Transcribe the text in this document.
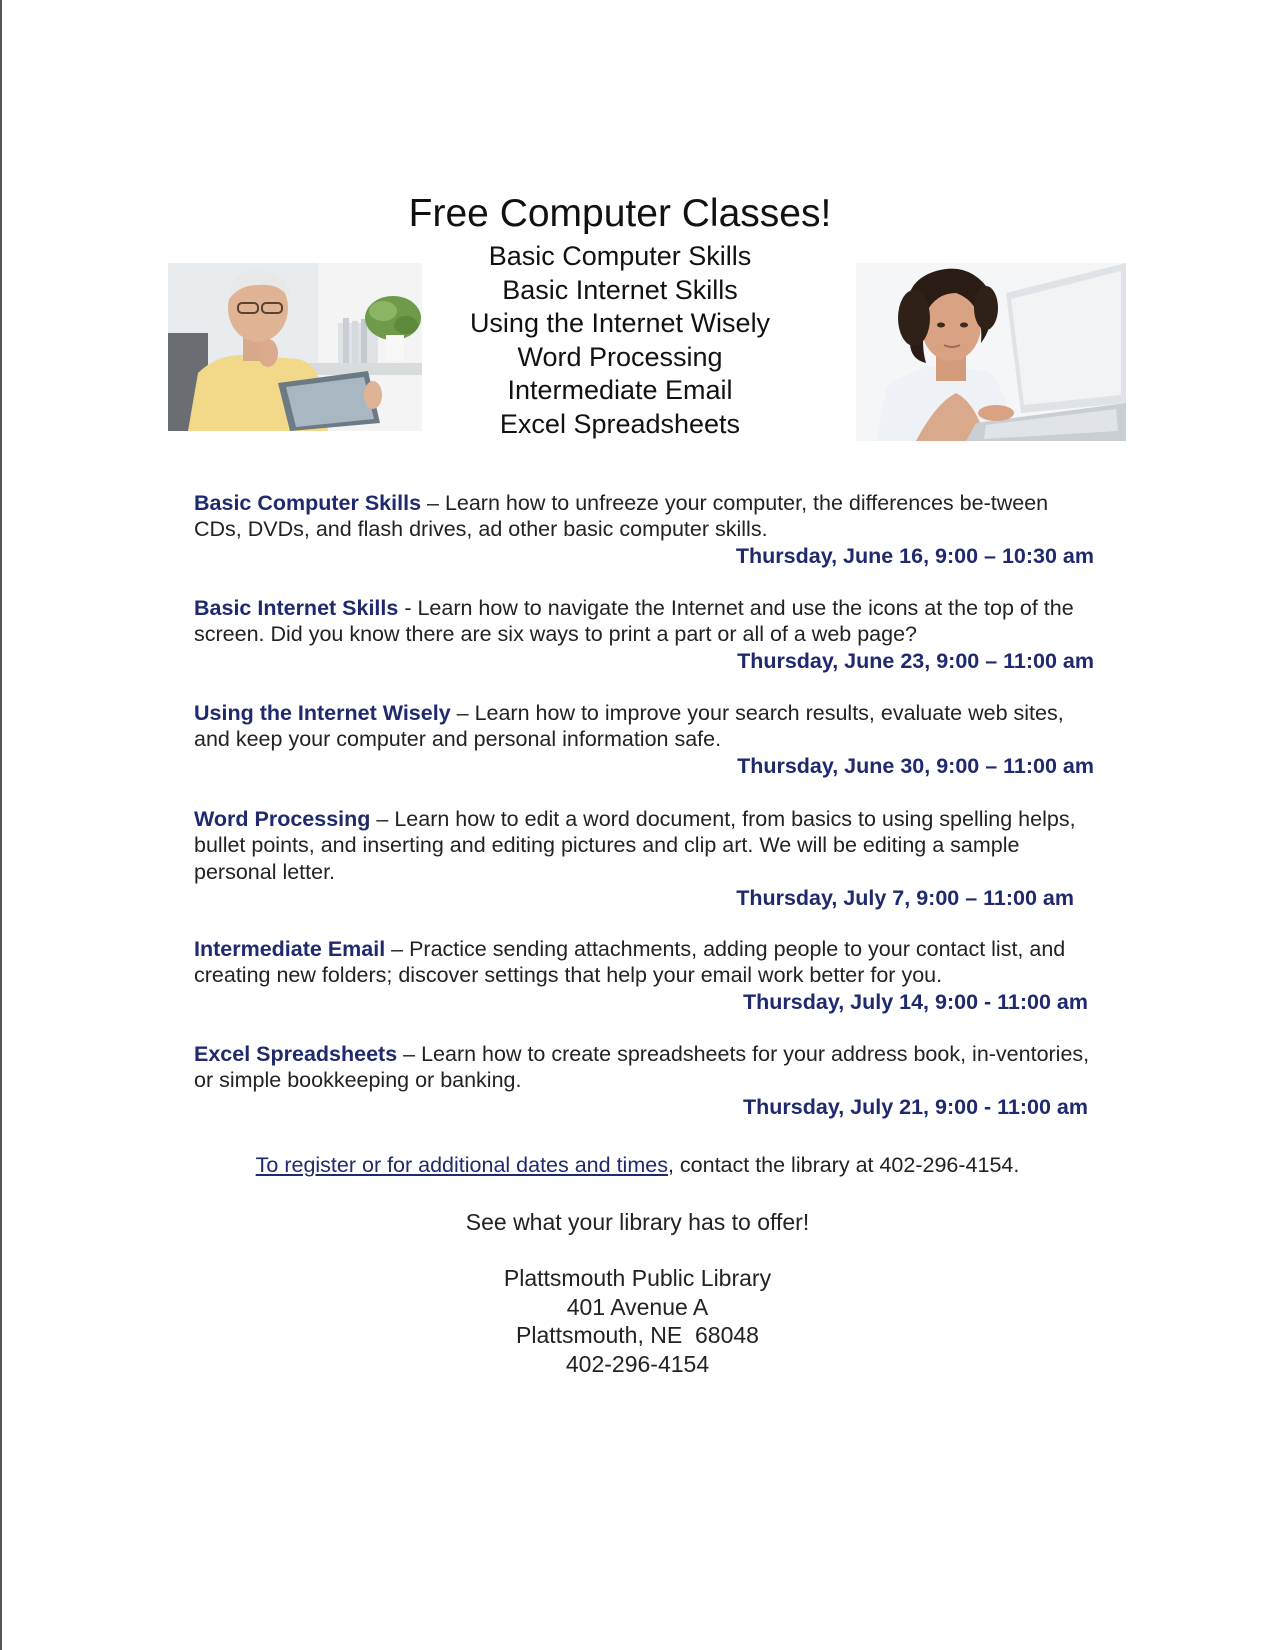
Free Computer Classes!
Basic Computer Skills
Basic Internet Skills
Using the Internet Wisely
Word Processing
Intermediate Email
Excel Spreadsheets
Basic Computer Skills – Learn how to unfreeze your computer, the differences be-tween CDs, DVDs, and flash drives, ad other basic computer skills.
Thursday, June 16, 9:00 – 10:30 am
Basic Internet Skills - Learn how to navigate the Internet and use the icons at the top of the screen. Did you know there are six ways to print a part or all of a web page?
Thursday, June 23, 9:00 – 11:00 am
Using the Internet Wisely – Learn how to improve your search results, evaluate web sites, and keep your computer and personal information safe.
Thursday, June 30, 9:00 – 11:00 am
Word Processing – Learn how to edit a word document, from basics to using spelling helps, bullet points, and inserting and editing pictures and clip art. We will be editing a sample personal letter.
Thursday, July 7, 9:00 – 11:00 am
Intermediate Email – Practice sending attachments, adding people to your contact list, and creating new folders; discover settings that help your email work better for you.
Thursday, July 14, 9:00 - 11:00 am
Excel Spreadsheets – Learn how to create spreadsheets for your address book, in-ventories, or simple bookkeeping or banking.
Thursday, July 21, 9:00 - 11:00 am
To register or for additional dates and times, contact the library at 402-296-4154.
See what your library has to offer!
Plattsmouth Public Library
401 Avenue A
Plattsmouth, NE  68048
402-296-4154
